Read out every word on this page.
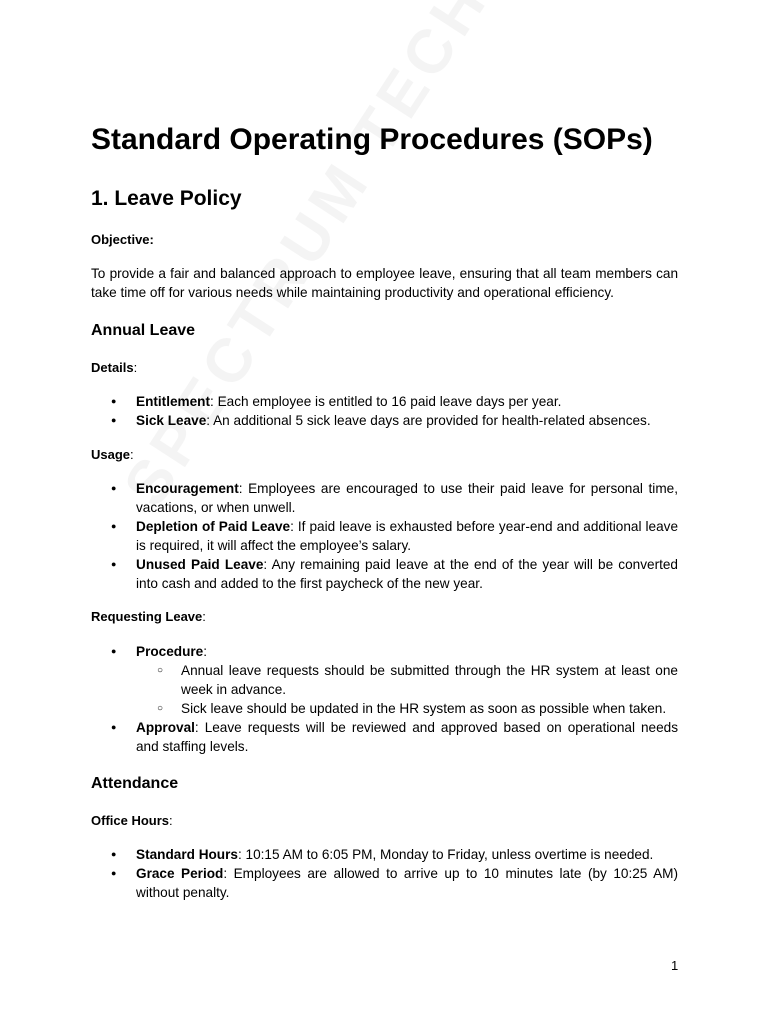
Standard Operating Procedures (SOPs)
1. Leave Policy
Objective:
To provide a fair and balanced approach to employee leave, ensuring that all team members can take time off for various needs while maintaining productivity and operational efficiency.
Annual Leave
Details:
● Entitlement: Each employee is entitled to 16 paid leave days per year.
● Sick Leave: An additional 5 sick leave days are provided for health-related absences.
Usage:
● Encouragement: Employees are encouraged to use their paid leave for personal time, vacations, or when unwell.
● Depletion of Paid Leave: If paid leave is exhausted before year-end and additional leave is required, it will affect the employee’s salary.
● Unused Paid Leave: Any remaining paid leave at the end of the year will be converted into cash and added to the first paycheck of the new year.
Requesting Leave:
● Procedure:
○ Annual leave requests should be submitted through the HR system at least one week in advance.
○ Sick leave should be updated in the HR system as soon as possible when taken.
● Approval: Leave requests will be reviewed and approved based on operational needs and staffing levels.
Attendance
Office Hours:
● Standard Hours: 10:15 AM to 6:05 PM, Monday to Friday, unless overtime is needed.
● Grace Period: Employees are allowed to arrive up to 10 minutes late (by 10:25 AM) without penalty.
1
